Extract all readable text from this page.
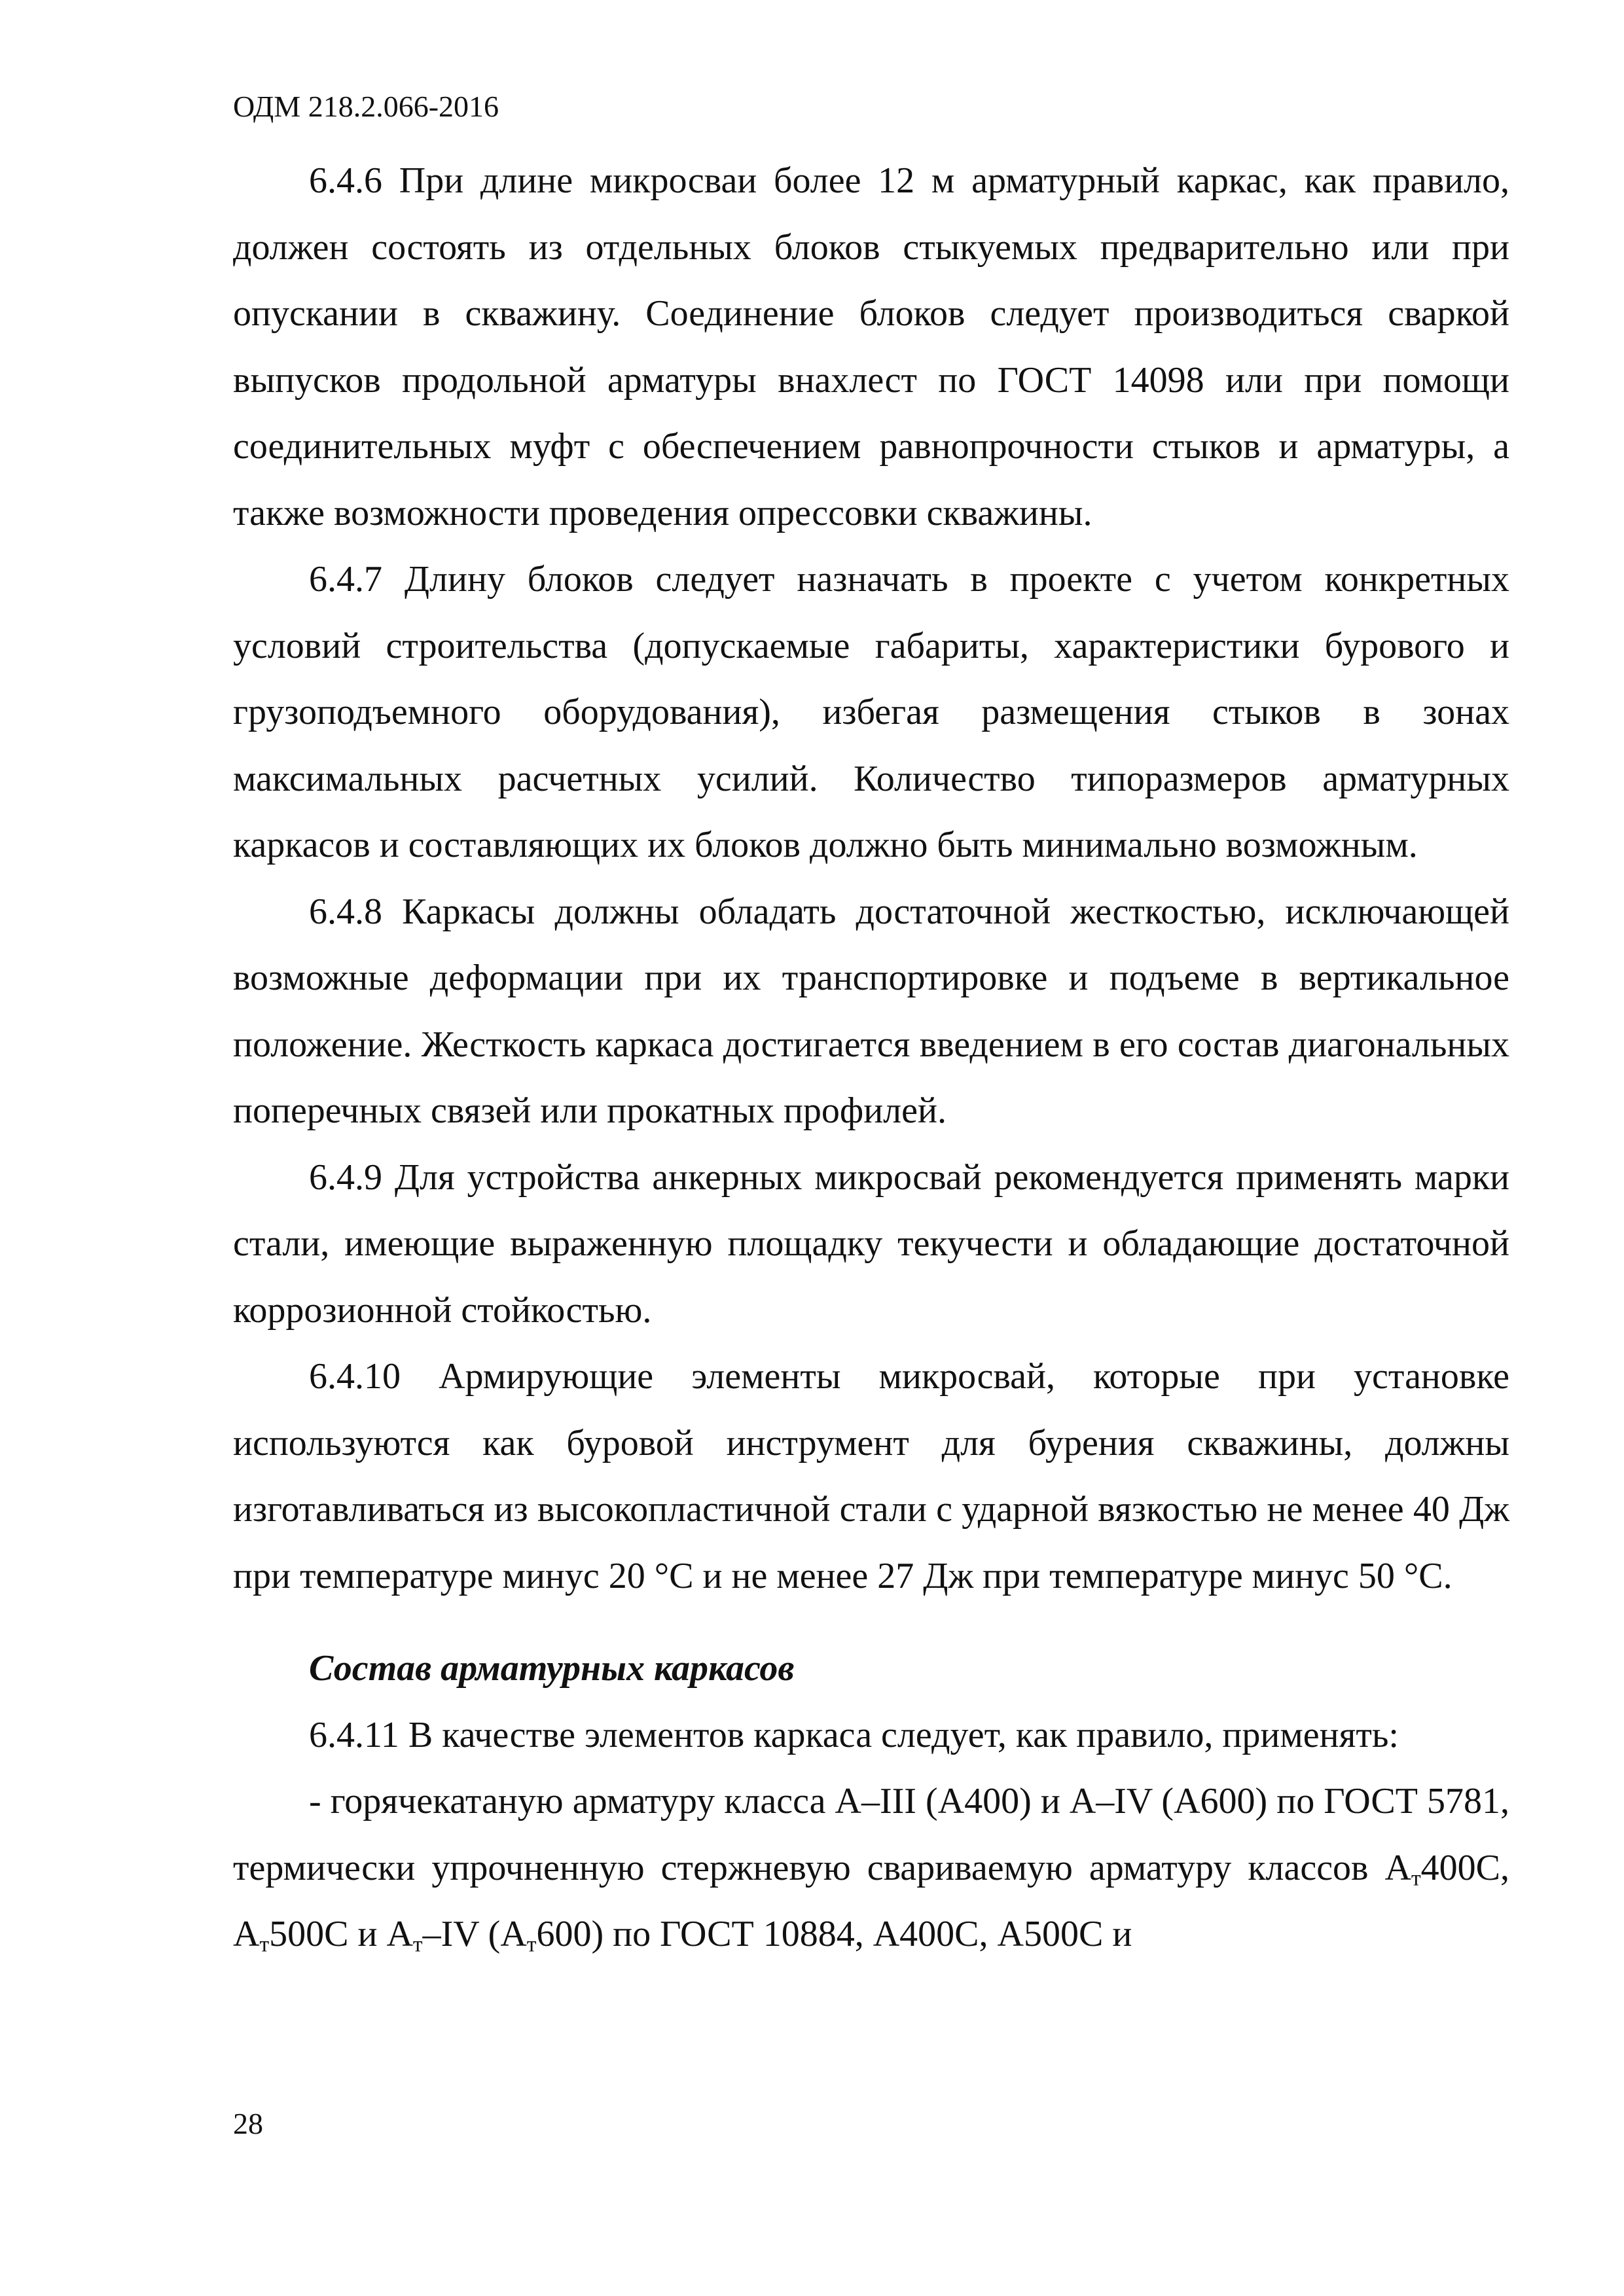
ОДМ 218.2.066-2016

6.4.6 При длине микросваи более 12 м арматурный каркас, как правило, должен состоять из отдельных блоков стыкуемых предварительно или при опускании в скважину. Соединение блоков следует производиться сваркой выпусков продольной арматуры внахлест по ГОСТ 14098 или при помощи соединительных муфт с обеспечением равнопрочности стыков и арматуры, а также возможности проведения опрессовки скважины.

6.4.7 Длину блоков следует назначать в проекте с учетом конкретных условий строительства (допускаемые габариты, характеристики бурового и грузоподъемного оборудования), избегая размещения стыков в зонах максимальных расчетных усилий. Количество типоразмеров арматурных каркасов и составляющих их блоков должно быть минимально возможным.

6.4.8 Каркасы должны обладать достаточной жесткостью, исключающей возможные деформации при их транспортировке и подъеме в вертикальное положение. Жесткость каркаса достигается введением в его состав диагональных поперечных связей или прокатных профилей.

6.4.9 Для устройства анкерных микросвай рекомендуется применять марки стали, имеющие выраженную площадку текучести и обладающие достаточной коррозионной стойкостью.

6.4.10 Армирующие элементы микросвай, которые при установке используются как буровой инструмент для бурения скважины, должны изготавливаться из высокопластичной стали с ударной вязкостью не менее 40 Дж при температуре минус 20 °С и не менее 27 Дж при температуре минус 50 °С.

Состав арматурных каркасов

6.4.11 В качестве элементов каркаса следует, как правило, применять:

- горячекатаную арматуру класса А–III (А400) и А–IV (А600) по ГОСТ 5781, термически упрочненную стержневую свариваемую арматуру классов $А_т400С$, $А_т500С$ и $А_т-IV$ $(А_т600)$ по ГОСТ 10884, А400С, А500С и

28
